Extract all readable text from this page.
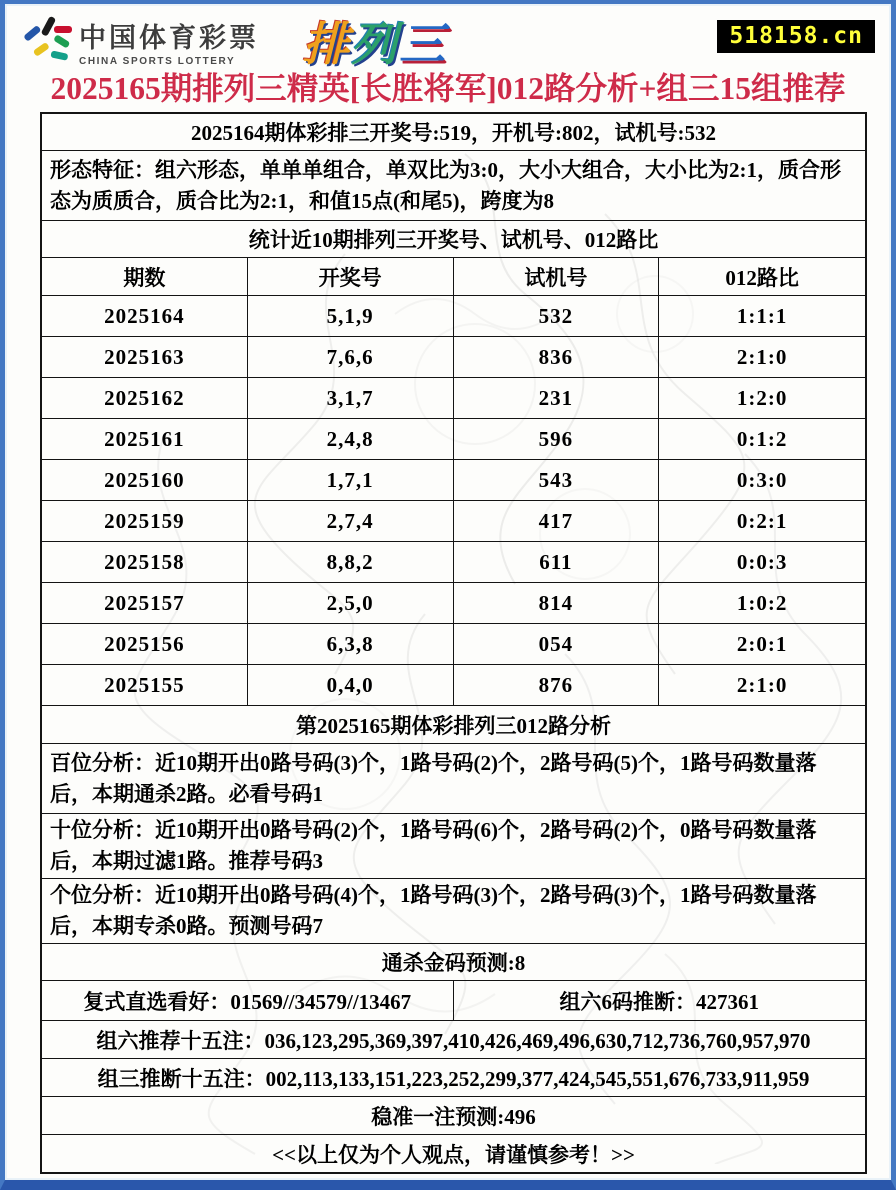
中国体育彩票
CHINA SPORTS LOTTERY	排列三	518158.cn
2025165期排列三精英[长胜将军]012路分析+组三15组推荐
2025164期体彩排三开奖号:519，开机号:802，试机号:532
形态特征：组六形态，单单单组合，单双比为3:0，大小大组合，大小比为2:1，质合形态为质质合，质合比为2:1，和值15点(和尾5)，跨度为8
统计近10期排列三开奖号、试机号、012路比
期数	开奖号	试机号	012路比
2025164	5,1,9	532	1:1:1
2025163	7,6,6	836	2:1:0
2025162	3,1,7	231	1:2:0
2025161	2,4,8	596	0:1:2
2025160	1,7,1	543	0:3:0
2025159	2,7,4	417	0:2:1
2025158	8,8,2	611	0:0:3
2025157	2,5,0	814	1:0:2
2025156	6,3,8	054	2:0:1
2025155	0,4,0	876	2:1:0
第2025165期体彩排列三012路分析
百位分析：近10期开出0路号码(3)个，1路号码(2)个，2路号码(5)个，1路号码数量落后，本期通杀2路。必看号码1
十位分析：近10期开出0路号码(2)个，1路号码(6)个，2路号码(2)个，0路号码数量落后，本期过滤1路。推荐号码3
个位分析：近10期开出0路号码(4)个，1路号码(3)个，2路号码(3)个，1路号码数量落后，本期专杀0路。预测号码7
通杀金码预测:8
复式直选看好：01569//34579//13467	组六6码推断：427361
组六推荐十五注：036,123,295,369,397,410,426,469,496,630,712,736,760,957,970
组三推断十五注：002,113,133,151,223,252,299,377,424,545,551,676,733,911,959
稳准一注预测:496
<<以上仅为个人观点，请谨慎参考！>>
